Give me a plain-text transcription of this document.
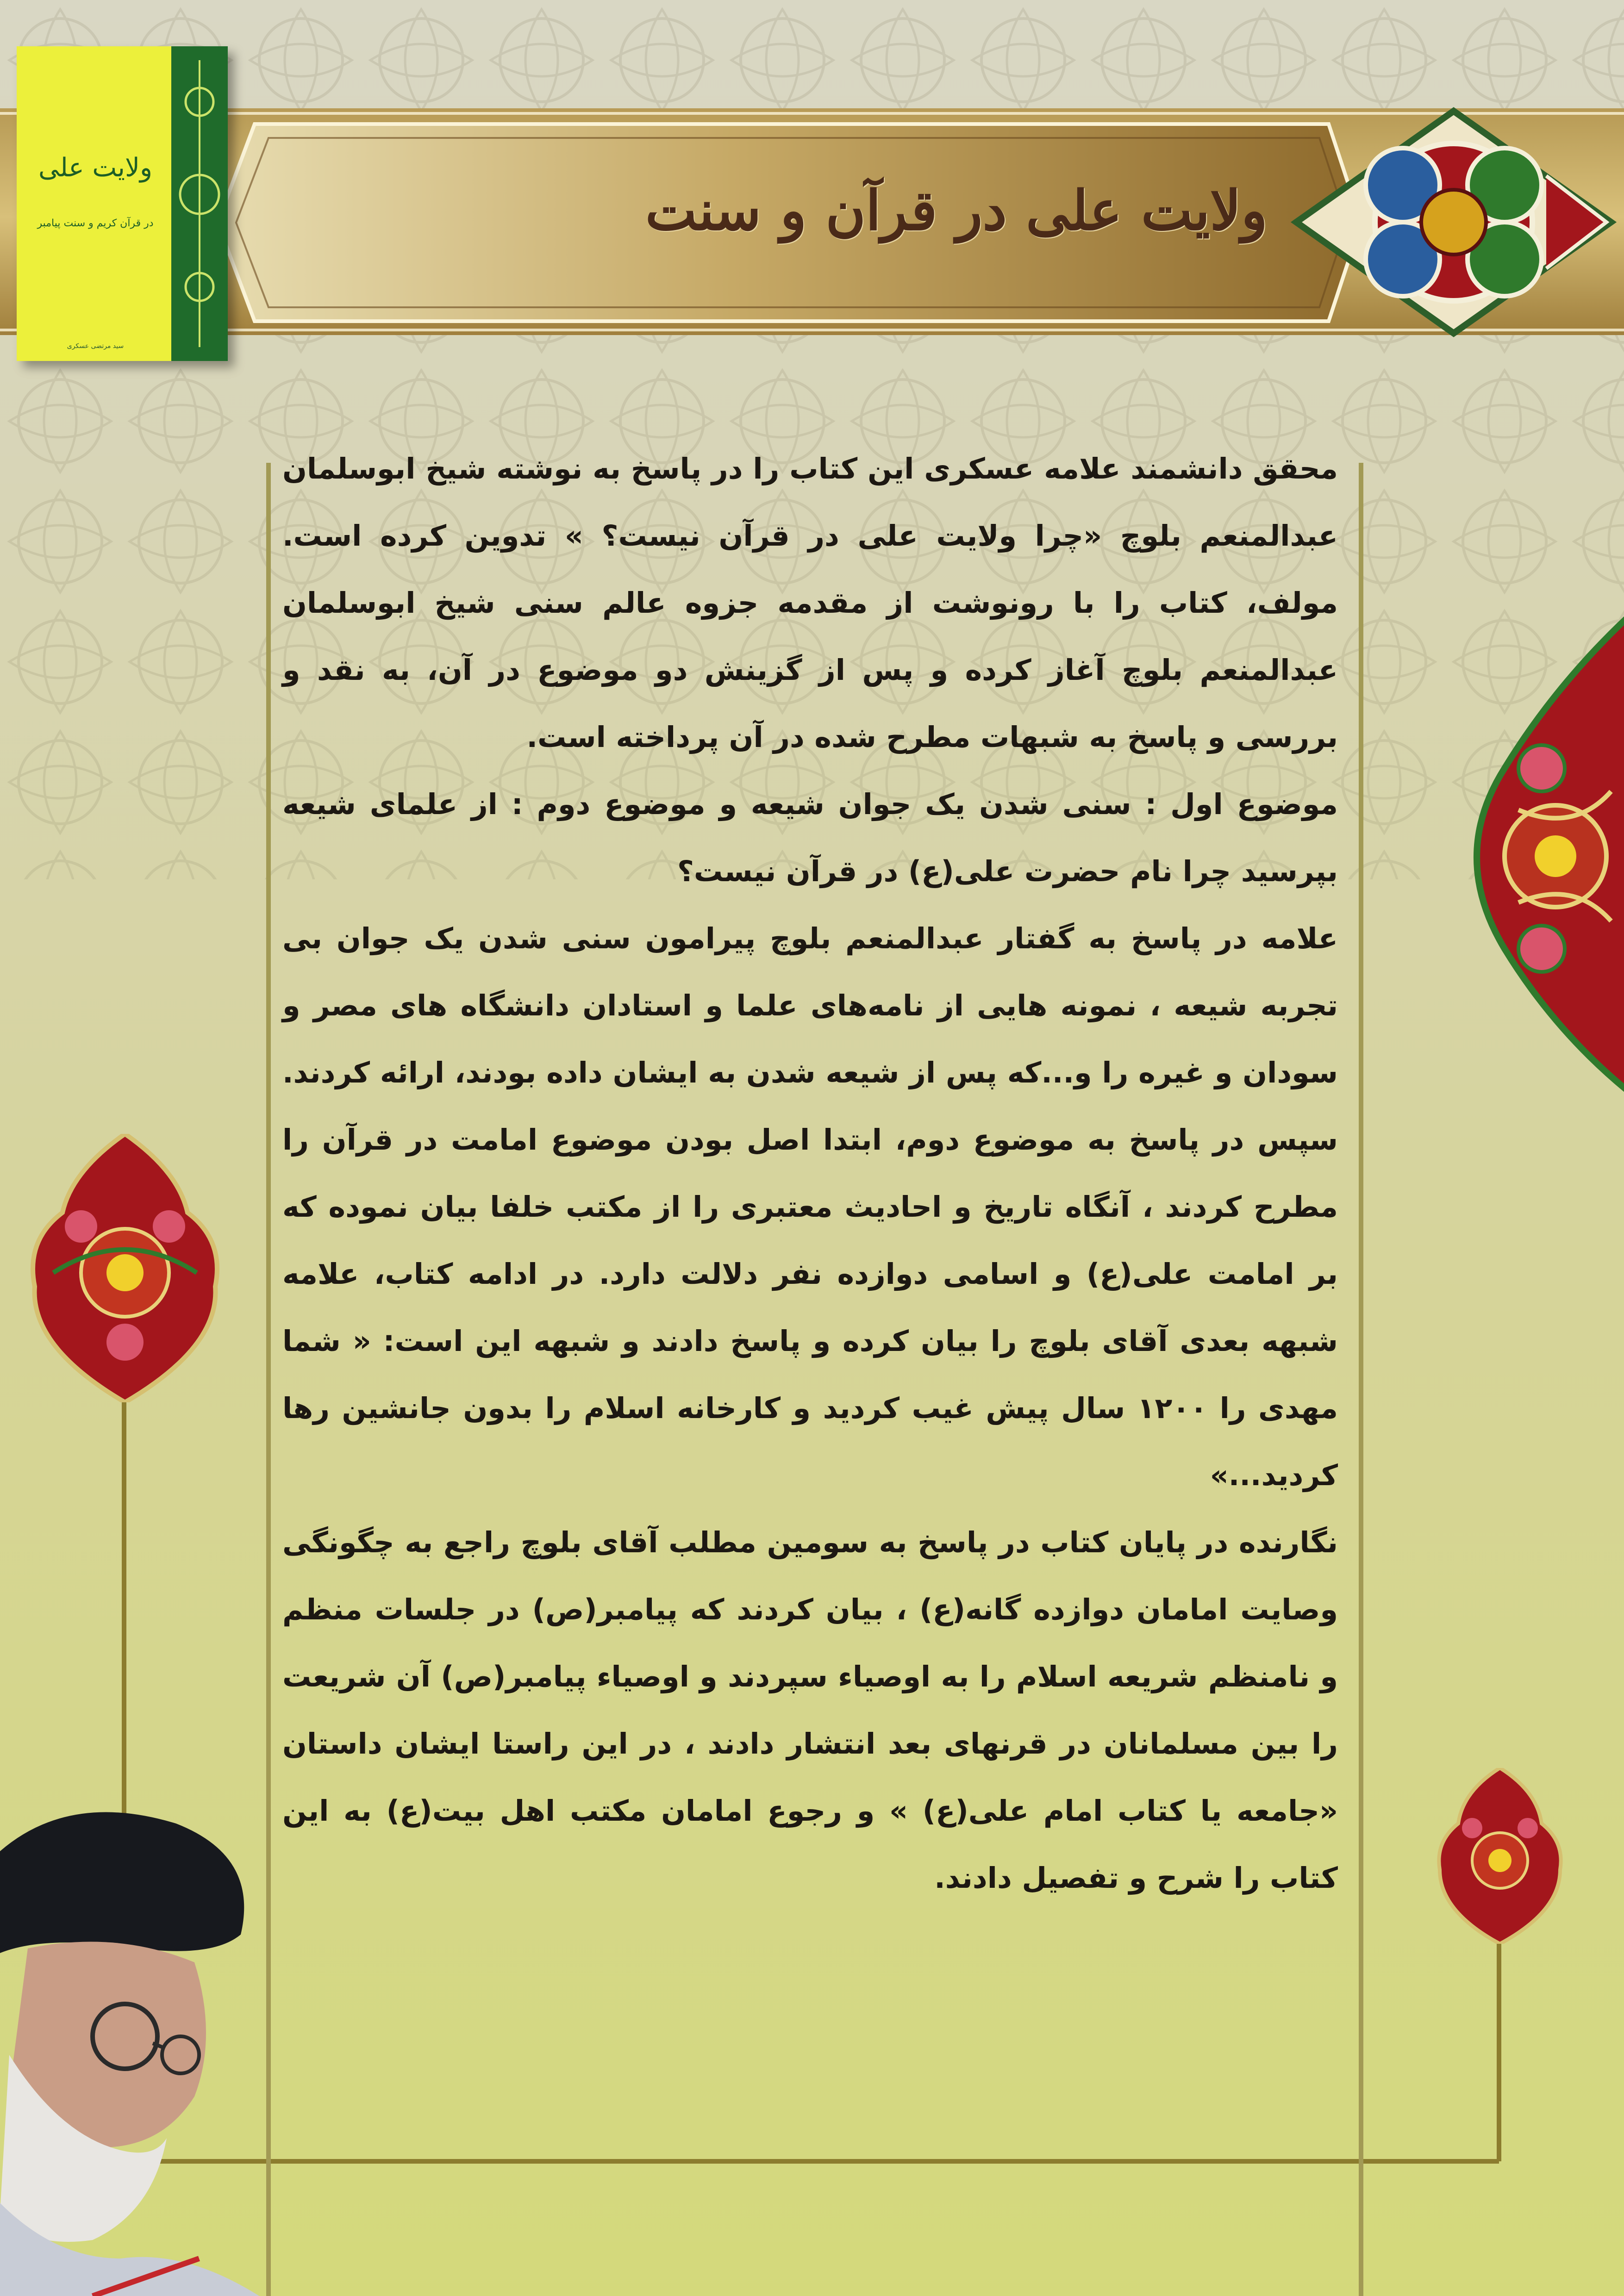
ولایت علی در قرآن و سنت
ولایت علی
در قرآن کریم و سنت پیامبر
سید مرتضی عسکری

محقق دانشمند علامه عسکری این کتاب را در پاسخ به نوشته شیخ ابوسلمان عبدالمنعم بلوچ «چرا ولایت علی در قرآن نیست؟ » تدوین کرده است. مولف، کتاب را با رونوشت از مقدمه جزوه عالم سنی شیخ ابوسلمان عبدالمنعم بلوچ آغاز کرده و پس از گزینش دو موضوع در آن، به نقد و بررسی و پاسخ به شبهات مطرح شده در آن پرداخته است.

موضوع اول : سنی شدن یک جوان شیعه و موضوع دوم : از علمای شیعه بپرسید چرا نام حضرت علی(ع) در قرآن نیست؟

علامه در پاسخ به گفتار عبدالمنعم بلوچ پیرامون سنی شدن یک جوان بی تجربه شیعه ، نمونه هایی از نامه‌های علما و استادان دانشگاه های مصر و سودان و غیره را و...که پس از شیعه شدن به ایشان داده بودند، ارائه کردند. سپس در پاسخ به موضوع دوم، ابتدا اصل بودن موضوع امامت در قرآن را مطرح کردند ، آنگاه تاریخ و احادیث معتبری را از مکتب خلفا بیان نموده که بر امامت علی(ع) و اسامی دوازده نفر دلالت دارد. در ادامه کتاب، علامه شبهه بعدی آقای بلوچ را بیان کرده و پاسخ دادند و شبهه این است: « شما مهدی را ۱۲۰۰ سال پیش غیب کردید و کارخانه اسلام را بدون جانشین رها کردید...»

نگارنده در پایان کتاب در پاسخ به سومین مطلب آقای بلوچ راجع به چگونگی وصایت امامان دوازده گانه(ع) ، بیان کردند که پیامبر(ص) در جلسات منظم و نامنظم شریعه اسلام را به اوصیاء سپردند و اوصیاء پیامبر(ص) آن شریعت را بین مسلمانان در قرنهای بعد انتشار دادند ، در این راستا ایشان داستان «جامعه یا کتاب امام علی(ع) » و رجوع امامان مکتب اهل بیت(ع) به این کتاب را شرح و تفصیل دادند.
